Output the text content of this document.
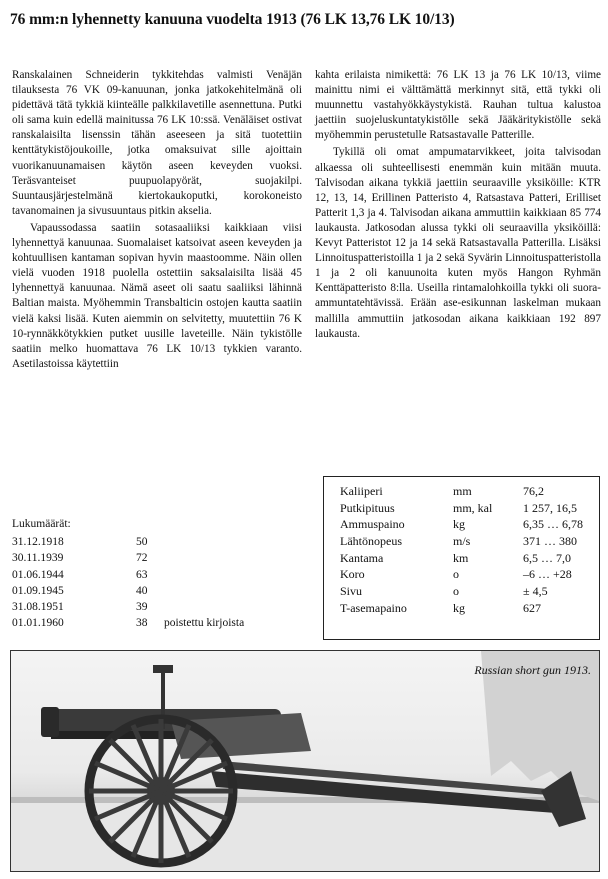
76 mm:n lyhennetty kanuuna vuodelta 1913 (76 LK 13,76 LK 10/13)

Ranskalainen Schneiderin tykkitehdas valmisti Venäjän tilauksesta 76 VK 09-kanuunan, jonka jatkokehitelmänä oli pidettävä tätä tykkiä kiinteälle palkkilavetille asennettuna. Putki oli sama kuin edellä mainitussa 76 LK 10:ssä. Venäläiset ostivat ranskalaisilta lisenssin tähän aseeseen ja sitä tuotettiin kenttätykistöjoukoille, jotka omaksuivat sille ajoittain vuorikanuunamaisen käytön aseen keveyden vuoksi. Teräsvanteiset puupuolapyörät, suojakilpi. Suuntausjärjestelmänä kiertokaukoputki, korokoneisto tavanomainen ja sivusuuntaus pitkin akselia.

Vapaussodassa saatiin sotasaaliiksi kaikkiaan viisi lyhennettyä kanuunaa. Suomalaiset katsoivat aseen keveyden ja kohtuullisen kantaman sopivan hyvin maastoomme. Näin ollen vielä vuoden 1918 puolella ostettiin saksalaisilta lisää 45 lyhennettyä kanuunaa. Nämä aseet oli saatu saaliiksi lähinnä Baltian maista. Myöhemmin Transbalticin ostojen kautta saatiin vielä kaksi lisää. Kuten aiemmin on selvitetty, muutettiin 76 K 10-rynnäkkötykkien putket uusille laveteille. Näin tykistölle saatiin melko huomattava 76 LK 10/13 tykkien varanto. Asetilastoissa käytettiin

kahta erilaista nimikettä: 76 LK 13 ja 76 LK 10/13, viime mainittu nimi ei välttämättä merkinnyt sitä, että tykki oli muunnettu vastahyökkäystykistä. Rauhan tultua kalustoa jaettiin suojeluskuntatykistölle sekä Jääkäritykistölle sekä myöhemmin perustetulle Ratsastavalle Patterille.

Tykillä oli omat ampumatarvikkeet, joita talvisodan alkaessa oli suhteellisesti enemmän kuin mitään muuta. Talvisodan aikana tykkiä jaettiin seuraaville yksiköille: KTR 12, 13, 14, Erillinen Patteristo 4, Ratsastava Patteri, Erilliset Patterit 1,3 ja 4. Talvisodan aikana ammuttiin kaikkiaan 85 774 laukausta. Jatkosodan alussa tykki oli seuraavilla yksiköillä: Kevyt Patteristot 12 ja 14 sekä Ratsastavalla Patterilla. Lisäksi Linnoituspatteristoilla 1 ja 2 sekä Syvärin Linnoituspatteristolla 1 ja 2 oli kanuunoita kuten myös Hangon Ryhmän Kenttäpatteristo 8:lla. Useilla rintamalohkoilla tykki oli suora-ammuntatehtävissä. Erään ase-esikunnan laskelman mukaan mallilla ammuttiin jatkosodan aikana kaikkiaan 192 897 laukausta.

Lukumäärät:
31.12.1918	50	
30.11.1939	72	
01.06.1944	63	
01.09.1945	40	
31.08.1951	39	
01.01.1960	38	poistettu kirjoista
Kaliiperi	mm	76,2
Putkipituus	mm, kal	1 257, 16,5
Ammuspaino	kg	6,35 … 6,78
Lähtönopeus	m/s	371 … 380
Kantama	km	6,5 … 7,0
Koro	o	–6 … +28
Sivu	o	± 4,5
T-asemapaino	kg	627
Russian short gun 1913.
